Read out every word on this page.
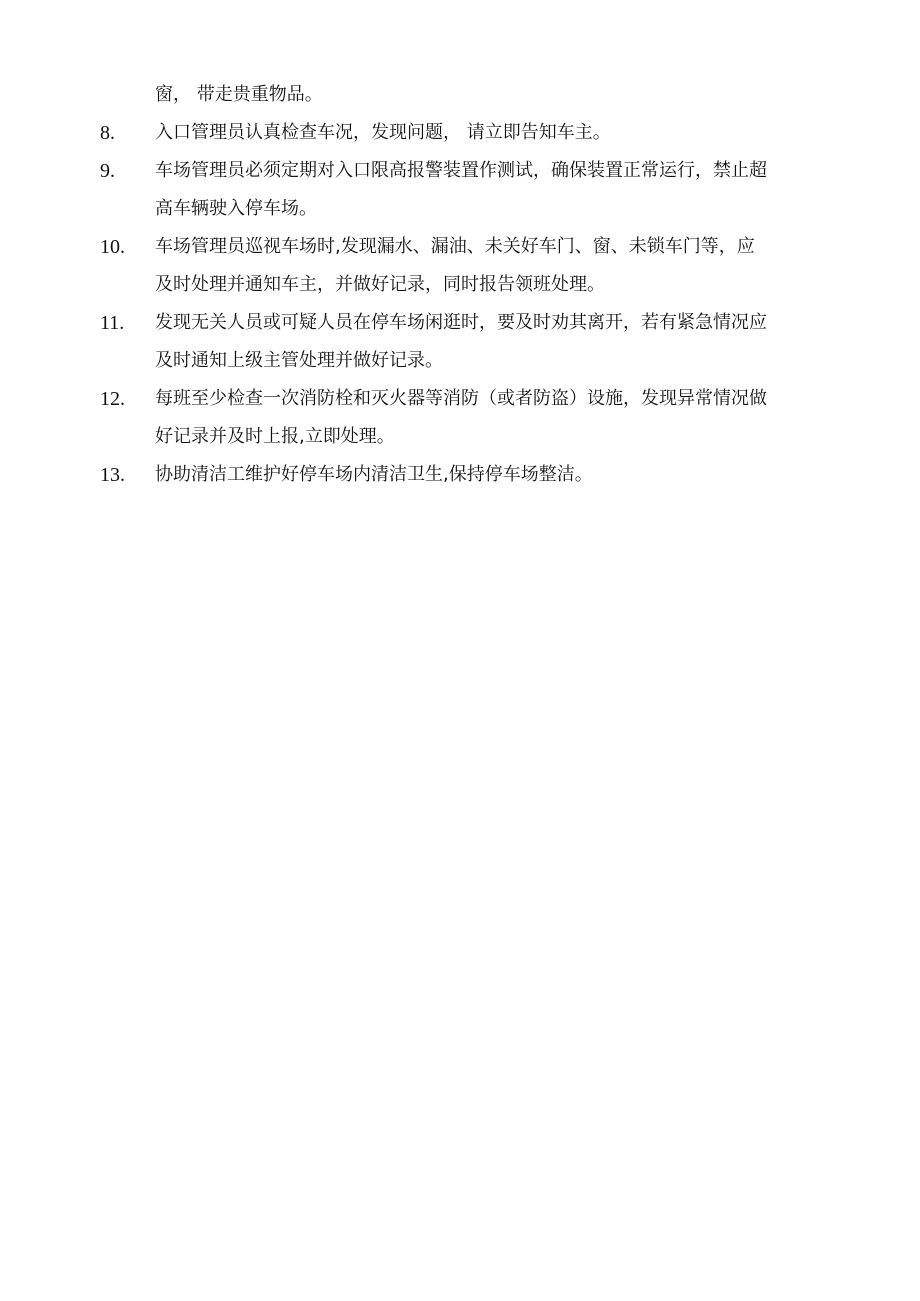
窗， 带走贵重物品。
8. 入口管理员认真检查车况，发现问题， 请立即告知车主。
9. 车场管理员必须定期对入口限高报警装置作测试，确保装置正常运行，禁止超
高车辆驶入停车场。
10. 车场管理员巡视车场时,发现漏水、漏油、未关好车门、窗、未锁车门等，应
及时处理并通知车主，并做好记录，同时报告领班处理。
11. 发现无关人员或可疑人员在停车场闲逛时，要及时劝其离开，若有紧急情况应
及时通知上级主管处理并做好记录。
12. 每班至少检查一次消防栓和灭火器等消防（或者防盗）设施，发现异常情况做
好记录并及时上报,立即处理。
13. 协助清洁工维护好停车场内清洁卫生,保持停车场整洁。
